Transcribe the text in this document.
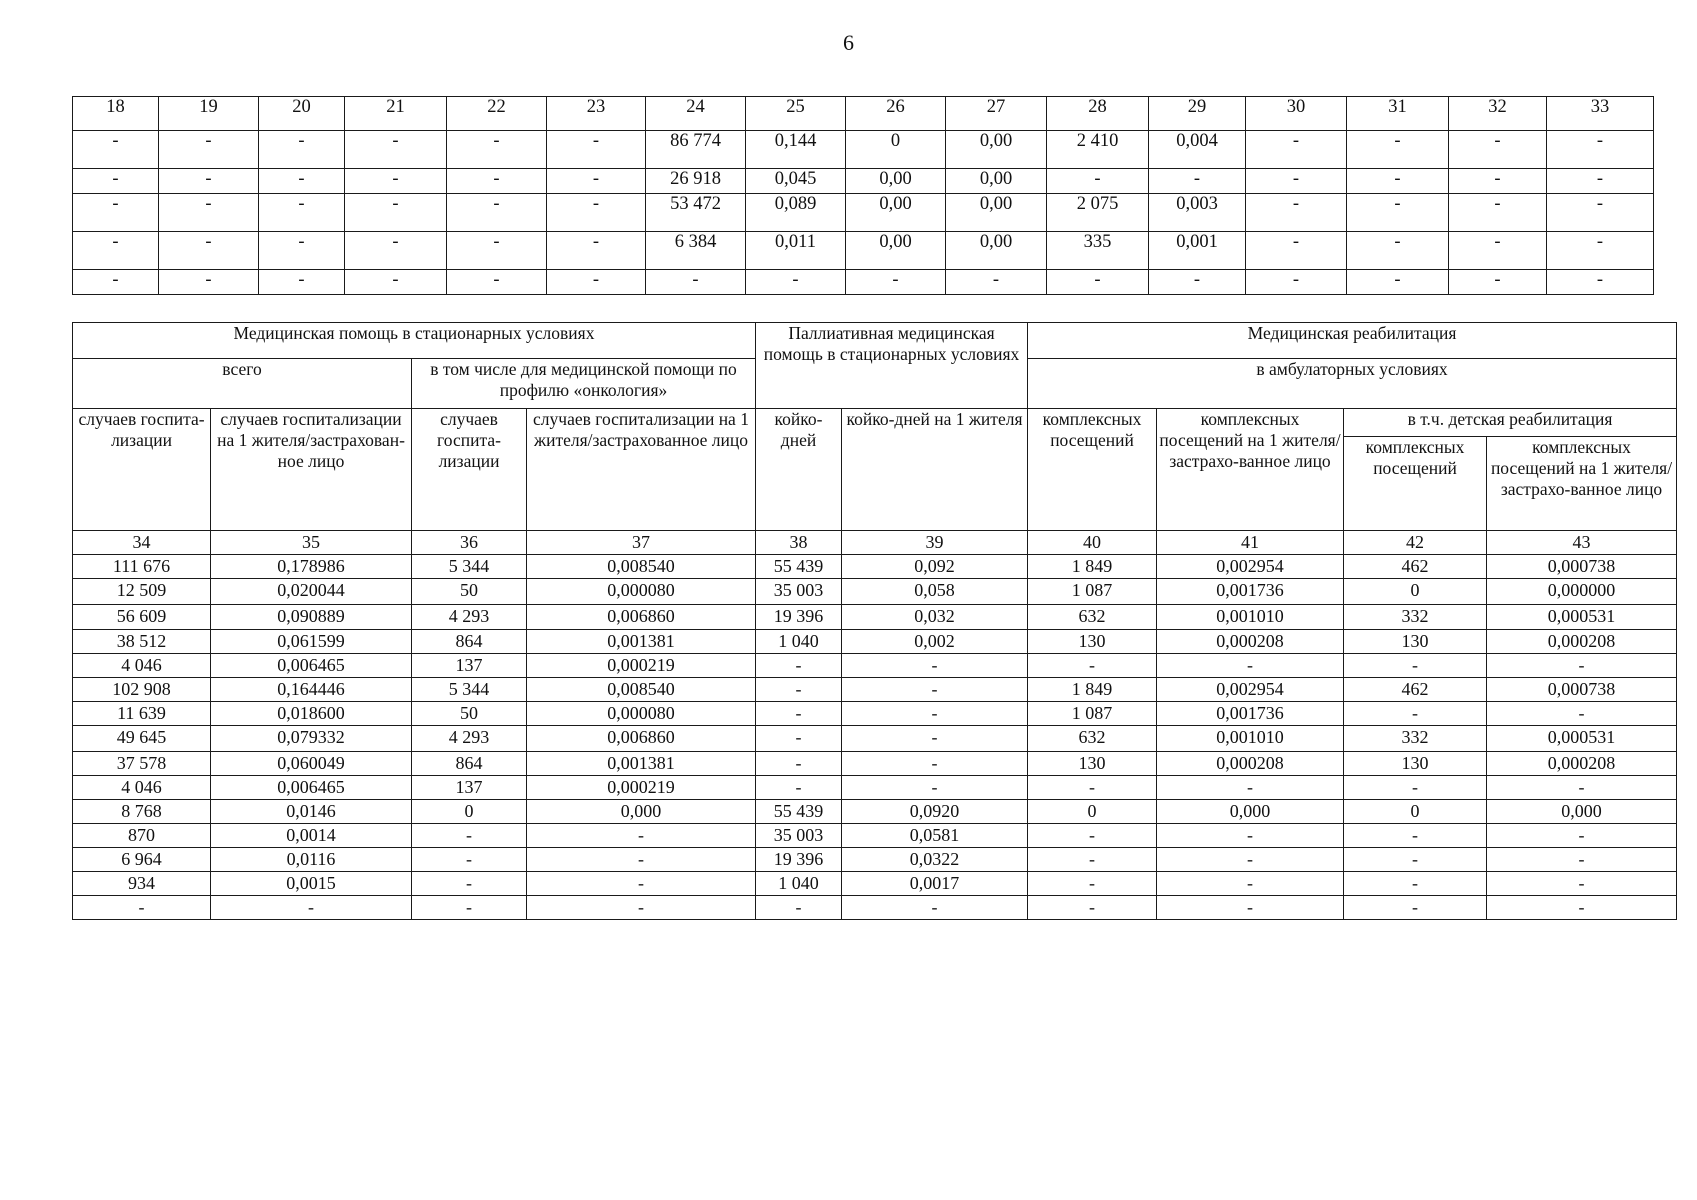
6
18	19	20	21	22	23	24	25	26	27	28	29	30	31	32	33
-	-	-	-	-	-	86 774	0,144	0	0,00	2 410	0,004	-	-	-	-
-	-	-	-	-	-	26 918	0,045	0,00	0,00	-	-	-	-	-	-
-	-	-	-	-	-	53 472	0,089	0,00	0,00	2 075	0,003	-	-	-	-
-	-	-	-	-	-	6 384	0,011	0,00	0,00	335	0,001	-	-	-	-
-	-	-	-	-	-	-	-	-	-	-	-	-	-	-	-
Медицинская помощь в стационарных условиях				Паллиативная медицинская помощь в стационарных условиях		Медицинская реабилитация			
всего		в том числе для медицинской помощи по профилю «онкология»				в амбулаторных условиях			
случаев госпита-лизации	случаев госпитализации на 1 жителя/застрахован-ное лицо	случаев госпита-лизации	случаев госпитализации на 1 жителя/застрахованное лицо	койко-дней	койко-дней на 1 жителя	комплексных посещений	комплексных посещений на 1 жителя/застрахо-ванное лицо	в т.ч. детская реабилитация	
								комплексных посещений	комплексных посещений на 1 жителя/застрахо-ванное лицо
34	35	36	37	38	39	40	41	42	43
111 676	0,178986	5 344	0,008540	55 439	0,092	1 849	0,002954	462	0,000738
12 509	0,020044	50	0,000080	35 003	0,058	1 087	0,001736	0	0,000000
56 609	0,090889	4 293	0,006860	19 396	0,032	632	0,001010	332	0,000531
38 512	0,061599	864	0,001381	1 040	0,002	130	0,000208	130	0,000208
4 046	0,006465	137	0,000219	-	-	-	-	-	-
102 908	0,164446	5 344	0,008540	-	-	1 849	0,002954	462	0,000738
11 639	0,018600	50	0,000080	-	-	1 087	0,001736	-	-
49 645	0,079332	4 293	0,006860	-	-	632	0,001010	332	0,000531
37 578	0,060049	864	0,001381	-	-	130	0,000208	130	0,000208
4 046	0,006465	137	0,000219	-	-	-	-	-	-
8 768	0,0146	0	0,000	55 439	0,0920	0	0,000	0	0,000
870	0,0014	-	-	35 003	0,0581	-	-	-	-
6 964	0,0116	-	-	19 396	0,0322	-	-	-	-
934	0,0015	-	-	1 040	0,0017	-	-	-	-
-	-	-	-	-	-	-	-	-	-
